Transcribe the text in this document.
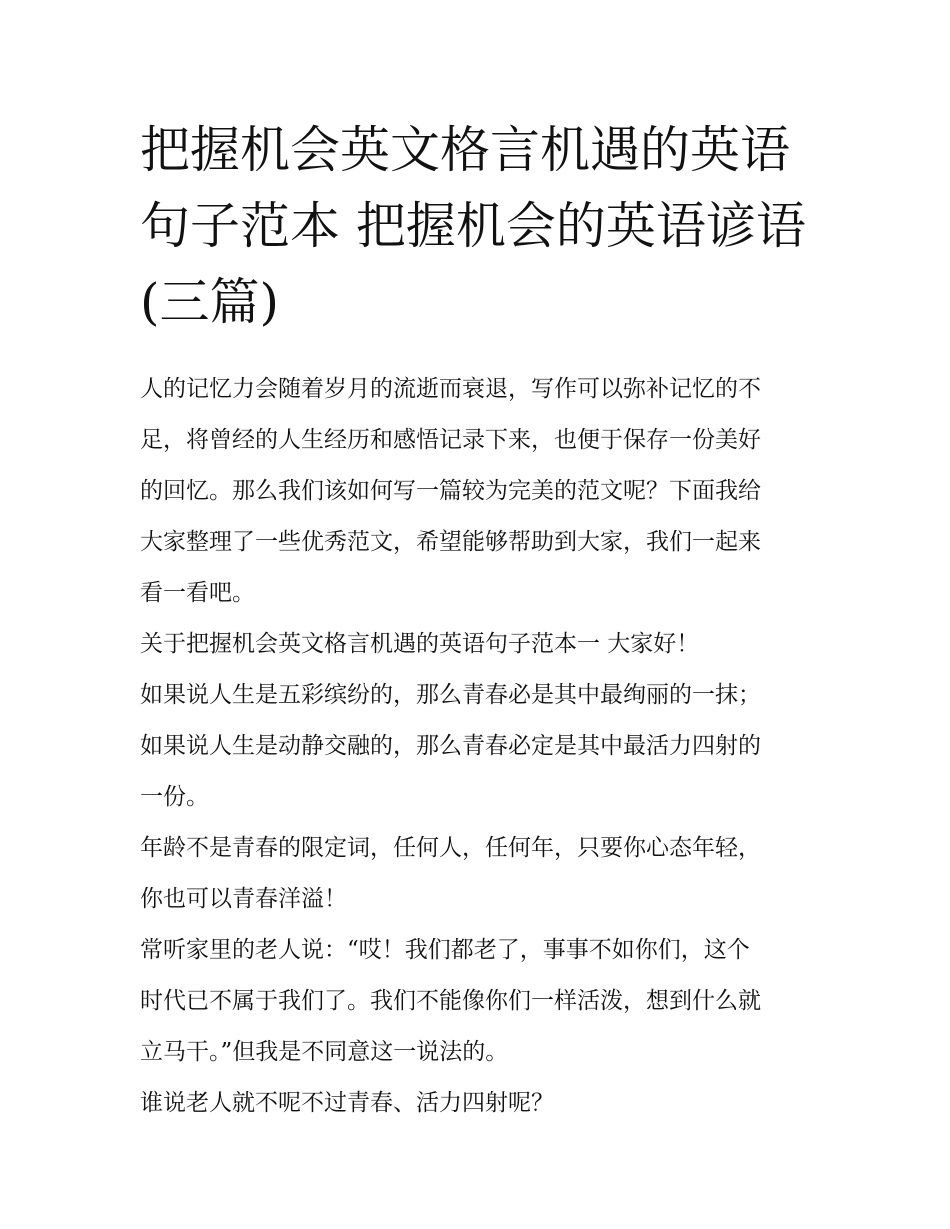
把握机会英文格言机遇的英语
句子范本 把握机会的英语谚语
(三篇)

人的记忆力会随着岁月的流逝而衰退，写作可以弥补记忆的不
足，将曾经的人生经历和感悟记录下来，也便于保存一份美好
的回忆。那么我们该如何写一篇较为完美的范文呢？下面我给
大家整理了一些优秀范文，希望能够帮助到大家，我们一起来
看一看吧。

关于把握机会英文格言机遇的英语句子范本一 大家好！

如果说人生是五彩缤纷的，那么青春必是其中最绚丽的一抹；
如果说人生是动静交融的，那么青春必定是其中最活力四射的
一份。

年龄不是青春的限定词，任何人，任何年，只要你心态年轻，
你也可以青春洋溢！

常听家里的老人说：“哎！我们都老了，事事不如你们，这个
时代已不属于我们了。我们不能像你们一样活泼，想到什么就
立马干。”但我是不同意这一说法的。

谁说老人就不呢不过青春、活力四射呢？
